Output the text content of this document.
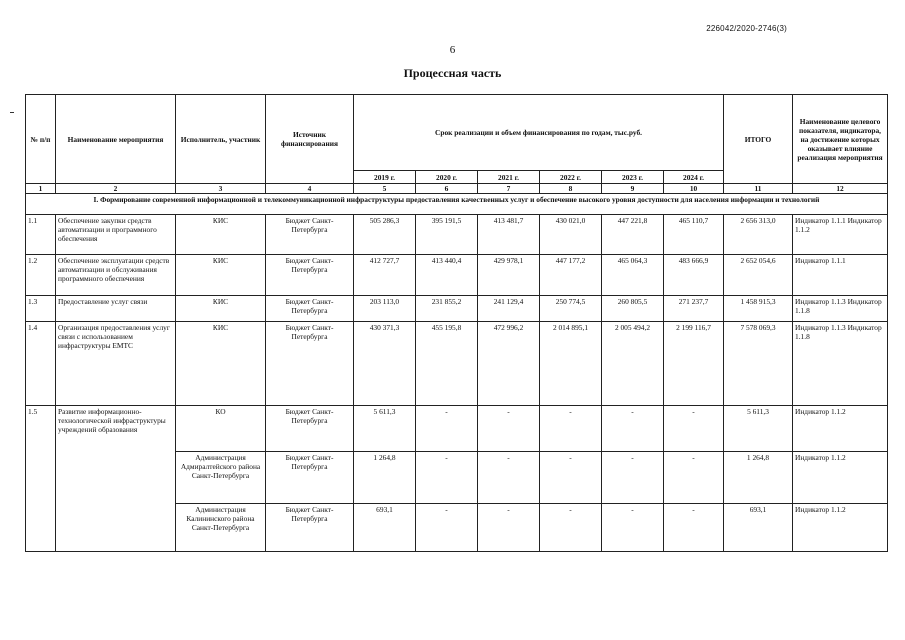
226042/2020-2746(3)
6
Процессная часть
№ п/п	Наименование мероприятия	Исполнитель, участник	Источник финансирования	Срок реализации и объем финансирования по годам, тыс.руб.						ИТОГО	Наименование целевого показателя, индикатора, на достижение которых оказывает влияние реализация мероприятия
				2019 г.	2020 г.	2021 г.	2022 г.	2023 г.	2024 г.		
1	2	3	4	5	6	7	8	9	10	11	12
I. Формирование современной информационной и телекоммуникационной инфраструктуры предоставления качественных услуг и обеспечение высокого уровня доступности для населения информации и технологий											
1.1	Обеспечение закупки средств автоматизации и программного обеспечения	КИС	Бюджет Санкт-Петербурга	505 286,3	395 191,5	413 481,7	430 021,0	447 221,8	465 110,7	2 656 313,0	Индикатор 1.1.1 Индикатор 1.1.2
1.2	Обеспечение эксплуатации средств автоматизации и обслуживания программного обеспечения	КИС	Бюджет Санкт-Петербурга	412 727,7	413 440,4	429 978,1	447 177,2	465 064,3	483 666,9	2 652 054,6	Индикатор 1.1.1
1.3	Предоставление услуг связи	КИС	Бюджет Санкт-Петербурга	203 113,0	231 855,2	241 129,4	250 774,5	260 805,5	271 237,7	1 458 915,3	Индикатор 1.1.3 Индикатор 1.1.8
1.4	Организация предоставления услуг связи с использованием инфраструктуры ЕМТС	КИС	Бюджет Санкт-Петербурга	430 371,3	455 195,8	472 996,2	2 014 895,1	2 005 494,2	2 199 116,7	7 578 069,3	Индикатор 1.1.3 Индикатор 1.1.8
1.5	Развитие информационно-технологической инфраструктуры учреждений образования	КО	Бюджет Санкт-Петербурга	5 611,3	-	-	-	-	-	5 611,3	Индикатор 1.1.2
		Администрация Адмиралтейского района Санкт-Петербурга	Бюджет Санкт-Петербурга	1 264,8	-	-	-	-	-	1 264,8	Индикатор 1.1.2
		Администрация Калининского района Санкт-Петербурга	Бюджет Санкт-Петербурга	693,1	-	-	-	-	-	693,1	Индикатор 1.1.2
